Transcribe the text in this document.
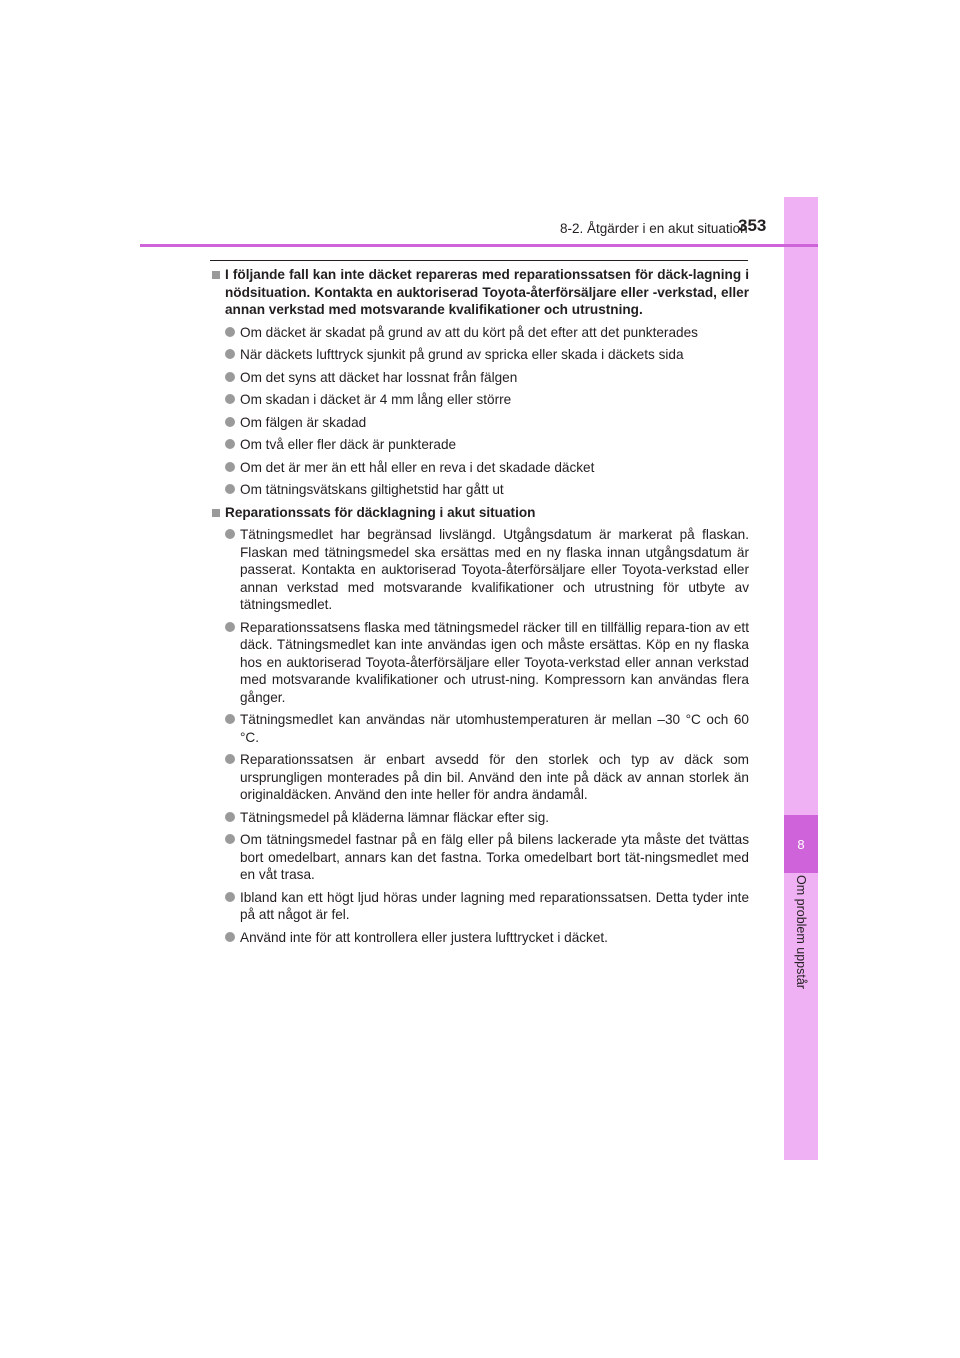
8
Om problem uppstår
8-2. Åtgärder i en akut situation
353
I följande fall kan inte däcket repareras med reparationssatsen för däck-lagning i nödsituation. Kontakta en auktoriserad Toyota-återförsäljare eller -verkstad, eller annan verkstad med motsvarande kvalifikationer och utrustning.
Om däcket är skadat på grund av att du kört på det efter att det punkterades
När däckets lufttryck sjunkit på grund av spricka eller skada i däckets sida
Om det syns att däcket har lossnat från fälgen
Om skadan i däcket är 4 mm lång eller större
Om fälgen är skadad
Om två eller fler däck är punkterade
Om det är mer än ett hål eller en reva i det skadade däcket
Om tätningsvätskans giltighetstid har gått ut
Reparationssats för däcklagning i akut situation
Tätningsmedlet har begränsad livslängd. Utgångsdatum är markerat på flaskan. Flaskan med tätningsmedel ska ersättas med en ny flaska innan utgångsdatum är passerat. Kontakta en auktoriserad Toyota-återförsäljare eller Toyota-verkstad eller annan verkstad med motsvarande kvalifikationer och utrustning för utbyte av tätningsmedlet.
Reparationssatsens flaska med tätningsmedel räcker till en tillfällig repara-tion av ett däck. Tätningsmedlet kan inte användas igen och måste ersättas. Köp en ny flaska hos en auktoriserad Toyota-återförsäljare eller Toyota-verkstad eller annan verkstad med motsvarande kvalifikationer och utrust-ning. Kompressorn kan användas flera gånger.
Tätningsmedlet kan användas när utomhustemperaturen är mellan –30 °C och 60 °C.
Reparationssatsen är enbart avsedd för den storlek och typ av däck som ursprungligen monterades på din bil. Använd den inte på däck av annan storlek än originaldäcken. Använd den inte heller för andra ändamål.
Tätningsmedel på kläderna lämnar fläckar efter sig.
Om tätningsmedel fastnar på en fälg eller på bilens lackerade yta måste det tvättas bort omedelbart, annars kan det fastna. Torka omedelbart bort tät-ningsmedlet med en våt trasa.
Ibland kan ett högt ljud höras under lagning med reparationssatsen. Detta tyder inte på att något är fel.
Använd inte för att kontrollera eller justera lufttrycket i däcket.
